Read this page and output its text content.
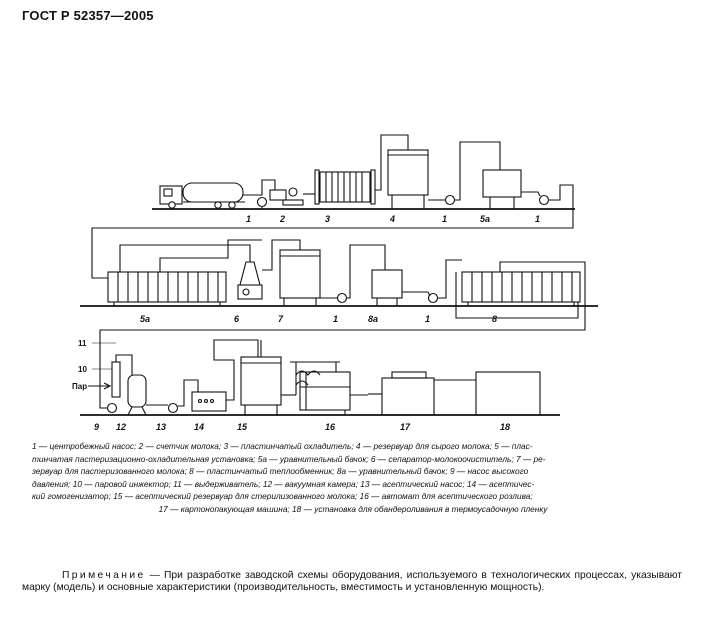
ГОСТ Р 52357—2005
1	2	3	4	1	5а	1
5а	6	7	1	8а	1	8
Пар
11
10
9 12	13	14	15	16	17	18

1 — центробежный насос; 2 — счетчик молока; 3 — пластинчатый охладитель; 4 — резервуар для сырого молока; 5 — плас-

тинчатая пастеризационно-охладительная установка; 5а — уравнительный бачок; 6 — сепаратор-молокоочиститель; 7 — ре-

зервуар для пастеризованного молока; 8 — пластинчатый теплообменник; 8а — уравнительный бачок; 9 — насос высокого

давления; 10 — паровой инжектор; 11 — выдерживатель; 12 — вакуумная камера; 13 — асептический насос; 14 — асептичес-

кий гомогенизатор; 15 — асептический резервуар для стерилизованного молока; 16 — автомат для асептического розлива;

17 — картонопакующая машина; 18 — установка для обандероливания в термоусадочную пленку

Примечание — При разработке заводской схемы оборудования, используемого в технологических процессах, указывают марку (модель) и основные характеристики (производительность, вместимость и установленную мощность).
